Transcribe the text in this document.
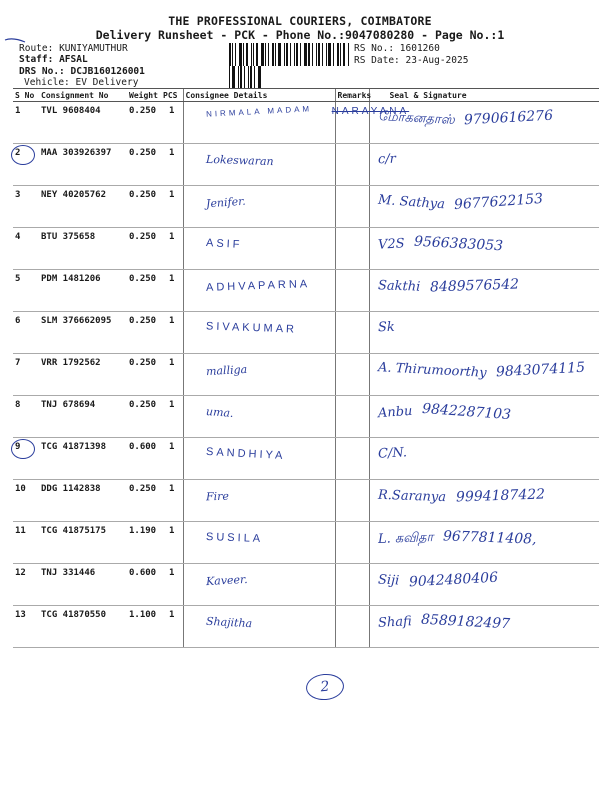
THE PROFESSIONAL COURIERS, COIMBATORE
Delivery Runsheet - PCK - Phone No.:9047080280 - Page No.:1
Route: KUNIYAMUTHUR
Staff: AFSAL
DRS No.: DCJB160126001
Vehicle: EV Delivery
RS No.: 1601260
RS Date: 23-Aug-2025
S No	Consignment No	Weight	PCS	Consignee Details	Remarks	Seal & Signature
1	TVL 9608404	0.250	1	NIRMALA MADAM NARAYANA		மோகனதாஸ் 9790616276
2	MAA 303926397	0.250	1	Lokeswaran		c/r
3	NEY 40205762	0.250	1	Jenifer.		M. Sathya 9677622153
4	BTU 375658	0.250	1	ASIF		V2S 9566383053
5	PDM 1481206	0.250	1	ADHVAPARNA		Sakthi 8489576542
6	SLM 376662095	0.250	1	SIVAKUMAR		Sk
7	VRR 1792562	0.250	1	malliga		A. Thirumoorthy 9843074115
8	TNJ 678694	0.250	1	uma.		Anbu 9842287103
9	TCG 41871398	0.600	1	SANDHIYA		C/N.
10	DDG 1142838	0.250	1	Fire		R.Saranya 9994187422
11	TCG 41875175	1.190	1	SUSILA		L. கவிதா 9677811408,
12	TNJ 331446	0.600	1	Kaveer.		Siji 9042480406
13	TCG 41870550	1.100	1	Shajitha		Shafi 8589182497
2
